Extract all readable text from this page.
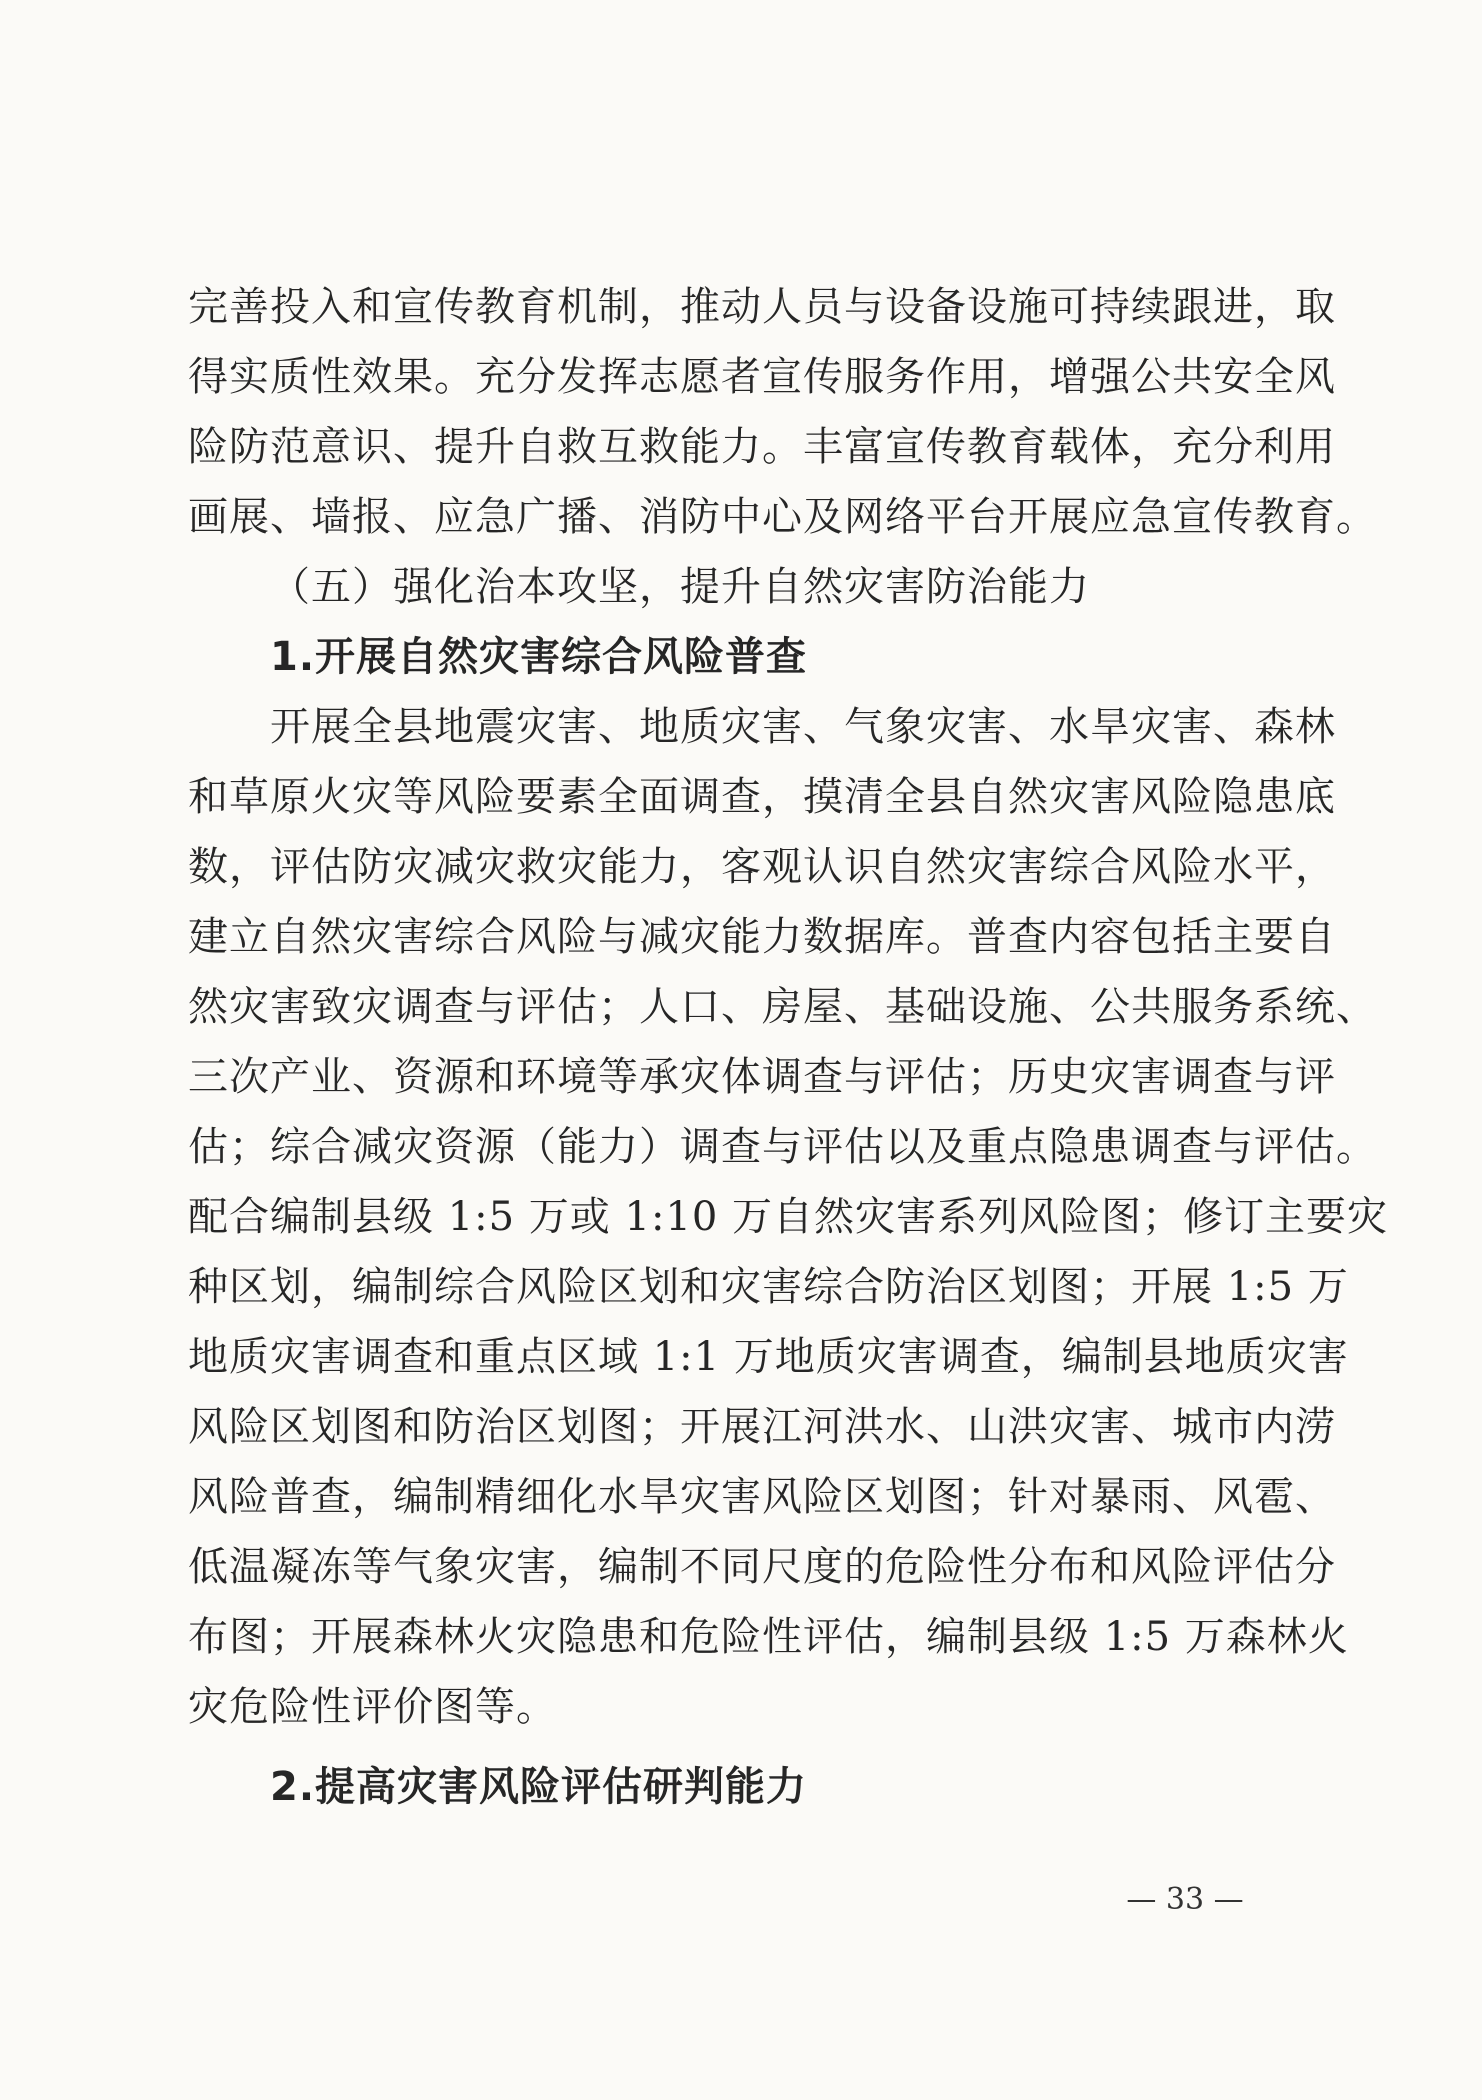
完善投入和宣传教育机制，推动人员与设备设施可持续跟进，取
得实质性效果。充分发挥志愿者宣传服务作用，增强公共安全风
险防范意识、提升自救互救能力。丰富宣传教育载体，充分利用
画展、墙报、应急广播、消防中心及网络平台开展应急宣传教育。
（五）强化治本攻坚，提升自然灾害防治能力
1.开展自然灾害综合风险普查
开展全县地震灾害、地质灾害、气象灾害、水旱灾害、森林
和草原火灾等风险要素全面调查，摸清全县自然灾害风险隐患底
数，评估防灾减灾救灾能力，客观认识自然灾害综合风险水平，
建立自然灾害综合风险与减灾能力数据库。普查内容包括主要自
然灾害致灾调查与评估；人口、房屋、基础设施、公共服务系统、
三次产业、资源和环境等承灾体调查与评估；历史灾害调查与评
估；综合减灾资源（能力）调查与评估以及重点隐患调查与评估。
配合编制县级 1:5 万或 1:10 万自然灾害系列风险图；修订主要灾
种区划，编制综合风险区划和灾害综合防治区划图；开展 1:5 万
地质灾害调查和重点区域 1:1 万地质灾害调查，编制县地质灾害
风险区划图和防治区划图；开展江河洪水、山洪灾害、城市内涝
风险普查，编制精细化水旱灾害风险区划图；针对暴雨、风雹、
低温凝冻等气象灾害，编制不同尺度的危险性分布和风险评估分
布图；开展森林火灾隐患和危险性评估，编制县级 1:5 万森林火
灾危险性评价图等。
2.提高灾害风险评估研判能力
— 33 —
